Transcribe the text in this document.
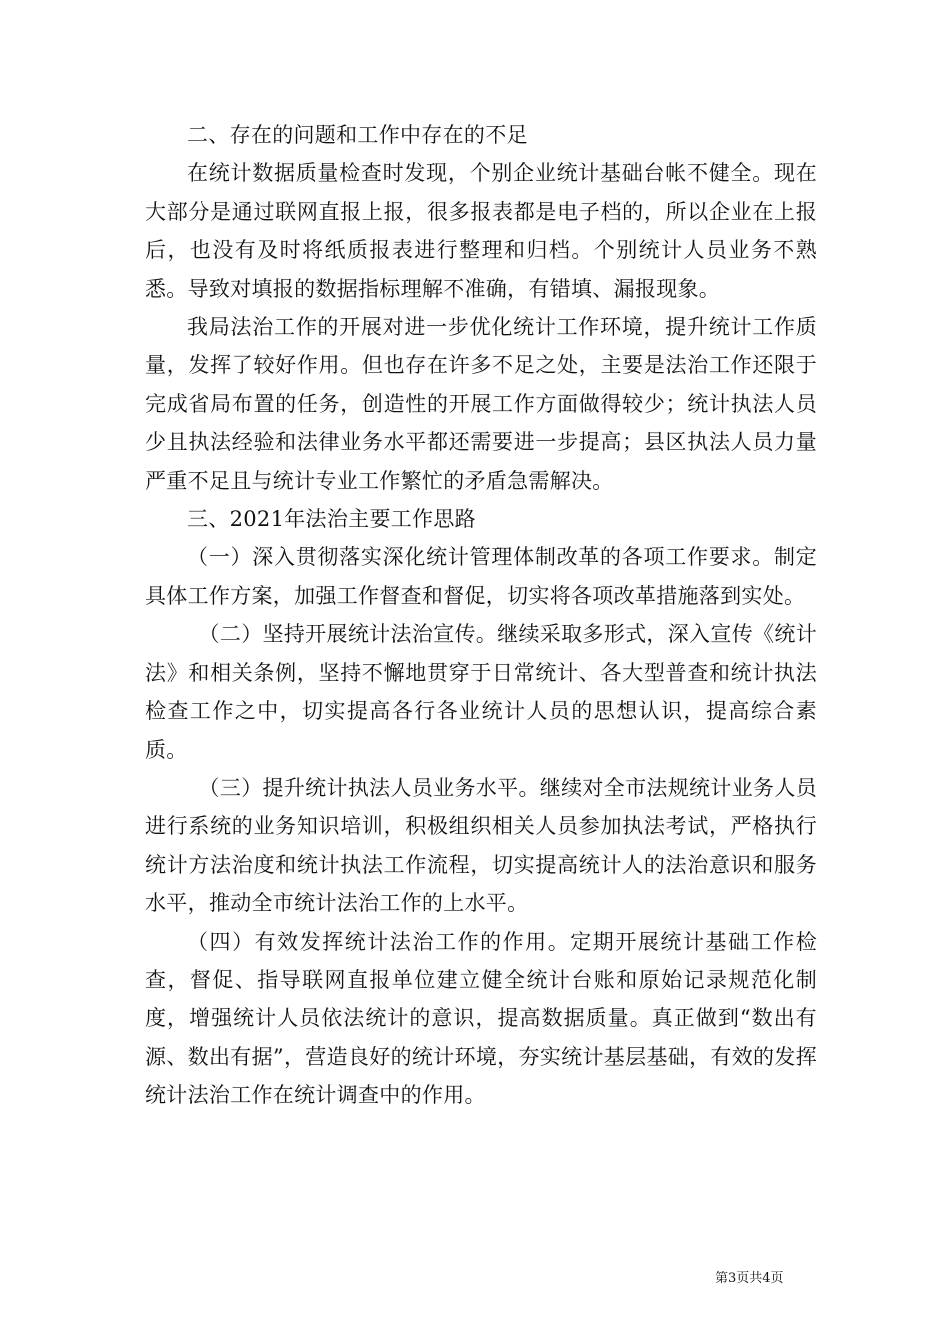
二、存在的问题和工作中存在的不足

在统计数据质量检查时发现，个别企业统计基础台帐不健全。现在大部分是通过联网直报上报，很多报表都是电子档的，所以企业在上报后，也没有及时将纸质报表进行整理和归档。个别统计人员业务不熟悉。导致对填报的数据指标理解不准确，有错填、漏报现象。

我局法治工作的开展对进一步优化统计工作环境，提升统计工作质量，发挥了较好作用。但也存在许多不足之处，主要是法治工作还限于完成省局布置的任务，创造性的开展工作方面做得较少；统计执法人员少且执法经验和法律业务水平都还需要进一步提高；县区执法人员力量严重不足且与统计专业工作繁忙的矛盾急需解决。

三、2021年法治主要工作思路

（一）深入贯彻落实深化统计管理体制改革的各项工作要求。制定具体工作方案，加强工作督查和督促，切实将各项改革措施落到实处。

（二）坚持开展统计法治宣传。继续采取多形式，深入宣传《统计法》和相关条例，坚持不懈地贯穿于日常统计、各大型普查和统计执法检查工作之中，切实提高各行各业统计人员的思想认识，提高综合素质。

（三）提升统计执法人员业务水平。继续对全市法规统计业务人员进行系统的业务知识培训，积极组织相关人员参加执法考试，严格执行统计方法治度和统计执法工作流程，切实提高统计人的法治意识和服务水平，推动全市统计法治工作的上水平。

（四）有效发挥统计法治工作的作用。定期开展统计基础工作检查，督促、指导联网直报单位建立健全统计台账和原始记录规范化制度，增强统计人员依法统计的意识，提高数据质量。真正做到“数出有源、数出有据”，营造良好的统计环境，夯实统计基层基础，有效的发挥统计法治工作在统计调查中的作用。

第3页共4页
